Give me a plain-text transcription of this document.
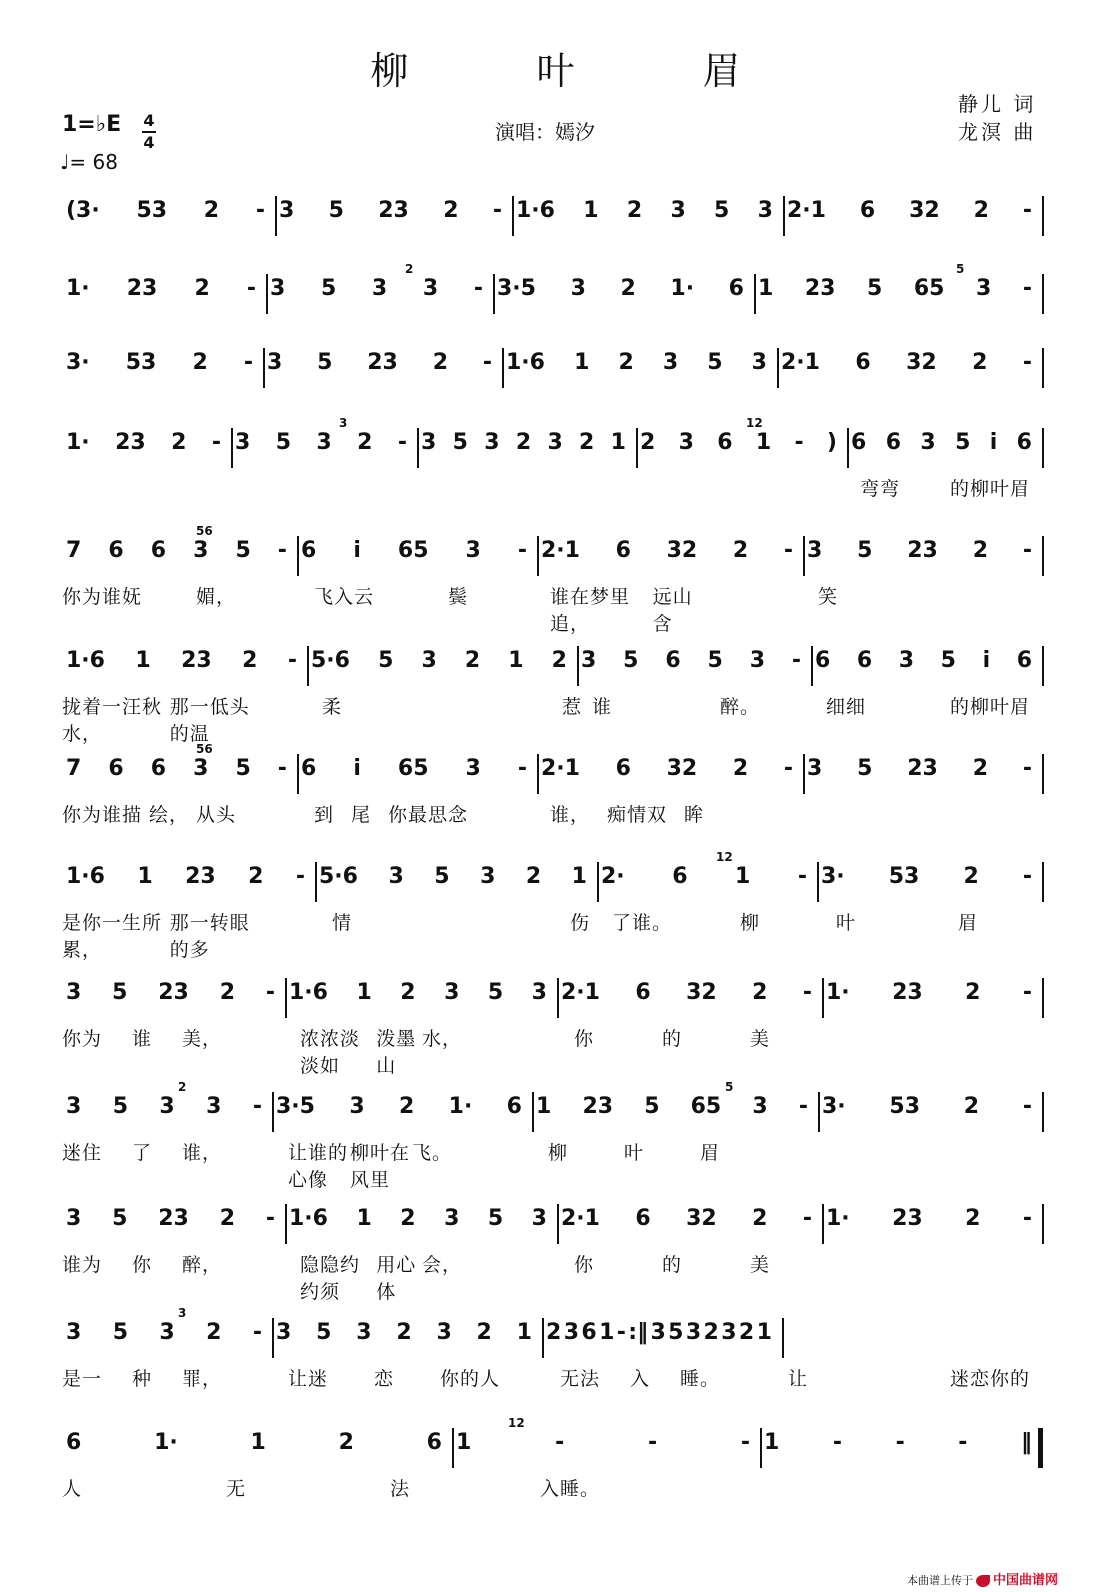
柳 叶 眉
1=♭E 4
4
♩= 68
演唱：嫣汐
静儿 词
龙溟 曲
(3· 53 2 - 3 5 23 2 - 1·6 1 2 3 5 3 2·1 6 32 2 -
1· 23 2 - 3 5 3 3 - 3·5 3 2 1· 6 1 23 5 65 3 -
2	5
3· 53 2 - 3 5 23 2 - 1·6 1 2 3 5 3 2·1 6 32 2 -
1· 23 2 - 3 5 3 2 - 3 5 3 2 3 2 1 2 3 6 1 - ) 6 6 3 5 i 6
弯弯	的柳叶眉
3	12
7 6 6 3 5 - 6 i 65 3 - 2·1 6 32 2 - 3 5 23 2 -
你为谁妩	媚，	飞入云	鬓	谁在梦里追，
远山含
笑
56
1·6 1 23 2 - 5·6 5 3 2 1 2 3 5 6 5 3 - 6 6 3 5 i 6
拢着一汪秋水，
那一低头的温
柔	惹 谁	醉。	细细	的柳叶眉
7 6 6 3 5 - 6 i 65 3 - 2·1 6 32 2 - 3 5 23 2 -
你为谁描 绘， 从头	到 尾 你最思念	谁， 痴情双 眸
56
1·6 1 23 2 - 5·6 3 5 3 2 1 2· 6 1 - 3· 53 2 -
是你一生所累，
那一转眼的多
情	伤 了谁。	柳	叶	眉
12
3 5 23 2 - 1·6 1 2 3 5 3 2·1 6 32 2 - 1· 23 2 -
你为 谁 美，	浓浓淡淡如
泼墨山
水，	你	的	美
3 5 3 3 - 3·5 3 2 1· 6 1 23 5 65 3 - 3· 53 2 -
迷住 了 谁，	让谁的心像
柳叶在风里
飞。	柳	叶	眉
2	5
3 5 23 2 - 1·6 1 2 3 5 3 2·1 6 32 2 - 1· 23 2 -
谁为 你 醉，	隐隐约约须
用心体
会，	你	的	美
3 5 3 2 - 3 5 3 2 3 2 1 2 3 6 1 - :‖ 3 5 3 2 3 2 1
是一 种 罪，	让迷 恋 你的人	无法 入 睡。	让	迷恋你的
3
6	1·	1	2	6 1	-	-	- 1 - - - ‖
人	无	法	入 睡。
12
本曲谱上传于 中国曲谱网
